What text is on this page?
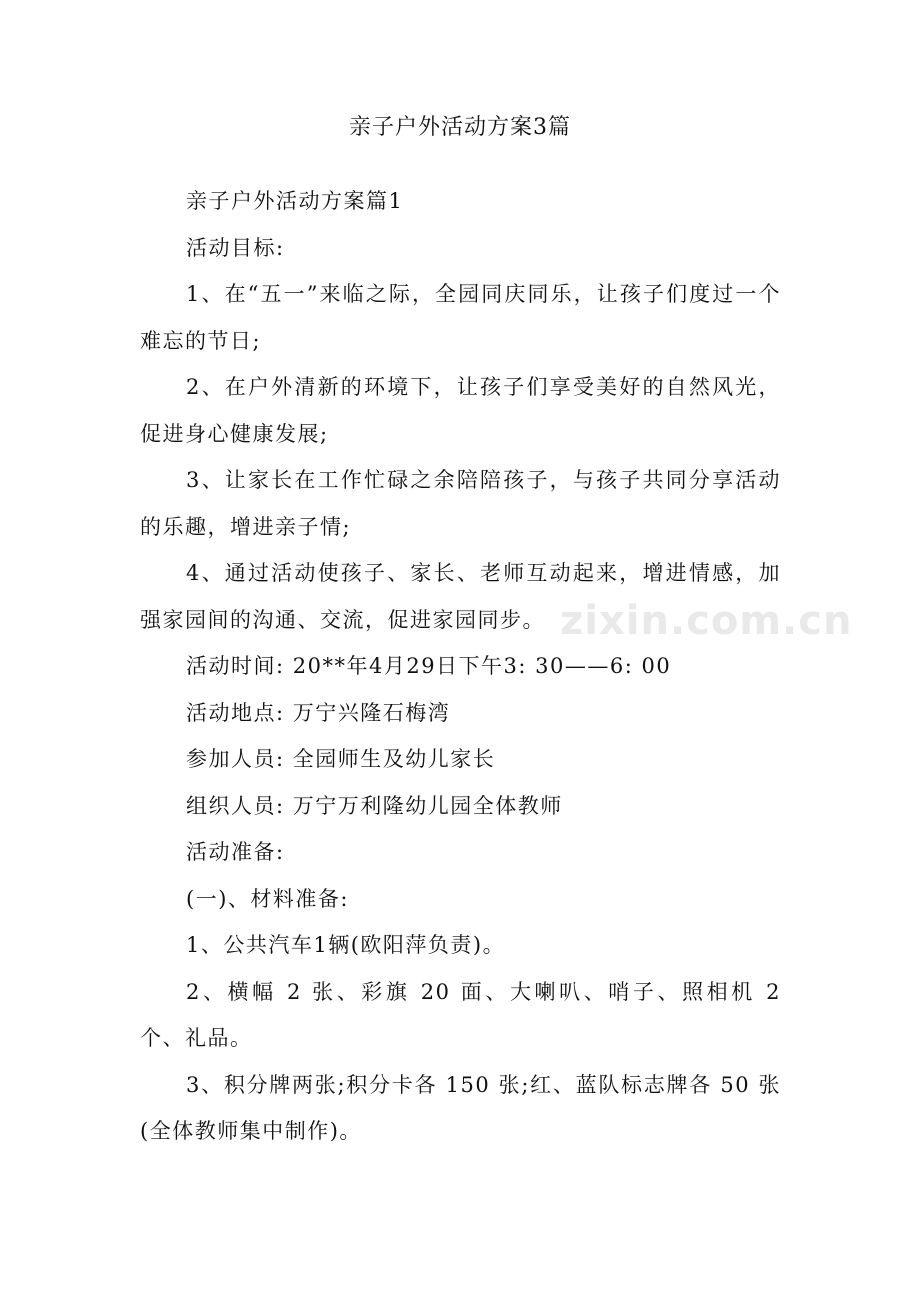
zixin.com.cn
亲子户外活动方案3篇

亲子户外活动方案篇1

活动目标:

1、在“五一”来临之际，全园同庆同乐，让孩子们度过一个难忘的节日;

2、在户外清新的环境下，让孩子们享受美好的自然风光，促进身心健康发展;

3、让家长在工作忙碌之余陪陪孩子，与孩子共同分享活动的乐趣，增进亲子情;

4、通过活动使孩子、家长、老师互动起来，增进情感，加强家园间的沟通、交流，促进家园同步。

活动时间: 20**年4月29日下午3: 30——6: 00

活动地点: 万宁兴隆石梅湾

参加人员: 全园师生及幼儿家长

组织人员: 万宁万利隆幼儿园全体教师

活动准备:

(一)、材料准备:

1、公共汽车1辆(欧阳萍负责)。

2、横幅 2 张、彩旗 20 面、大喇叭、哨子、照相机 2 个、礼品。

3、积分牌两张;积分卡各 150 张;红、蓝队标志牌各 50 张(全体教师集中制作)。
